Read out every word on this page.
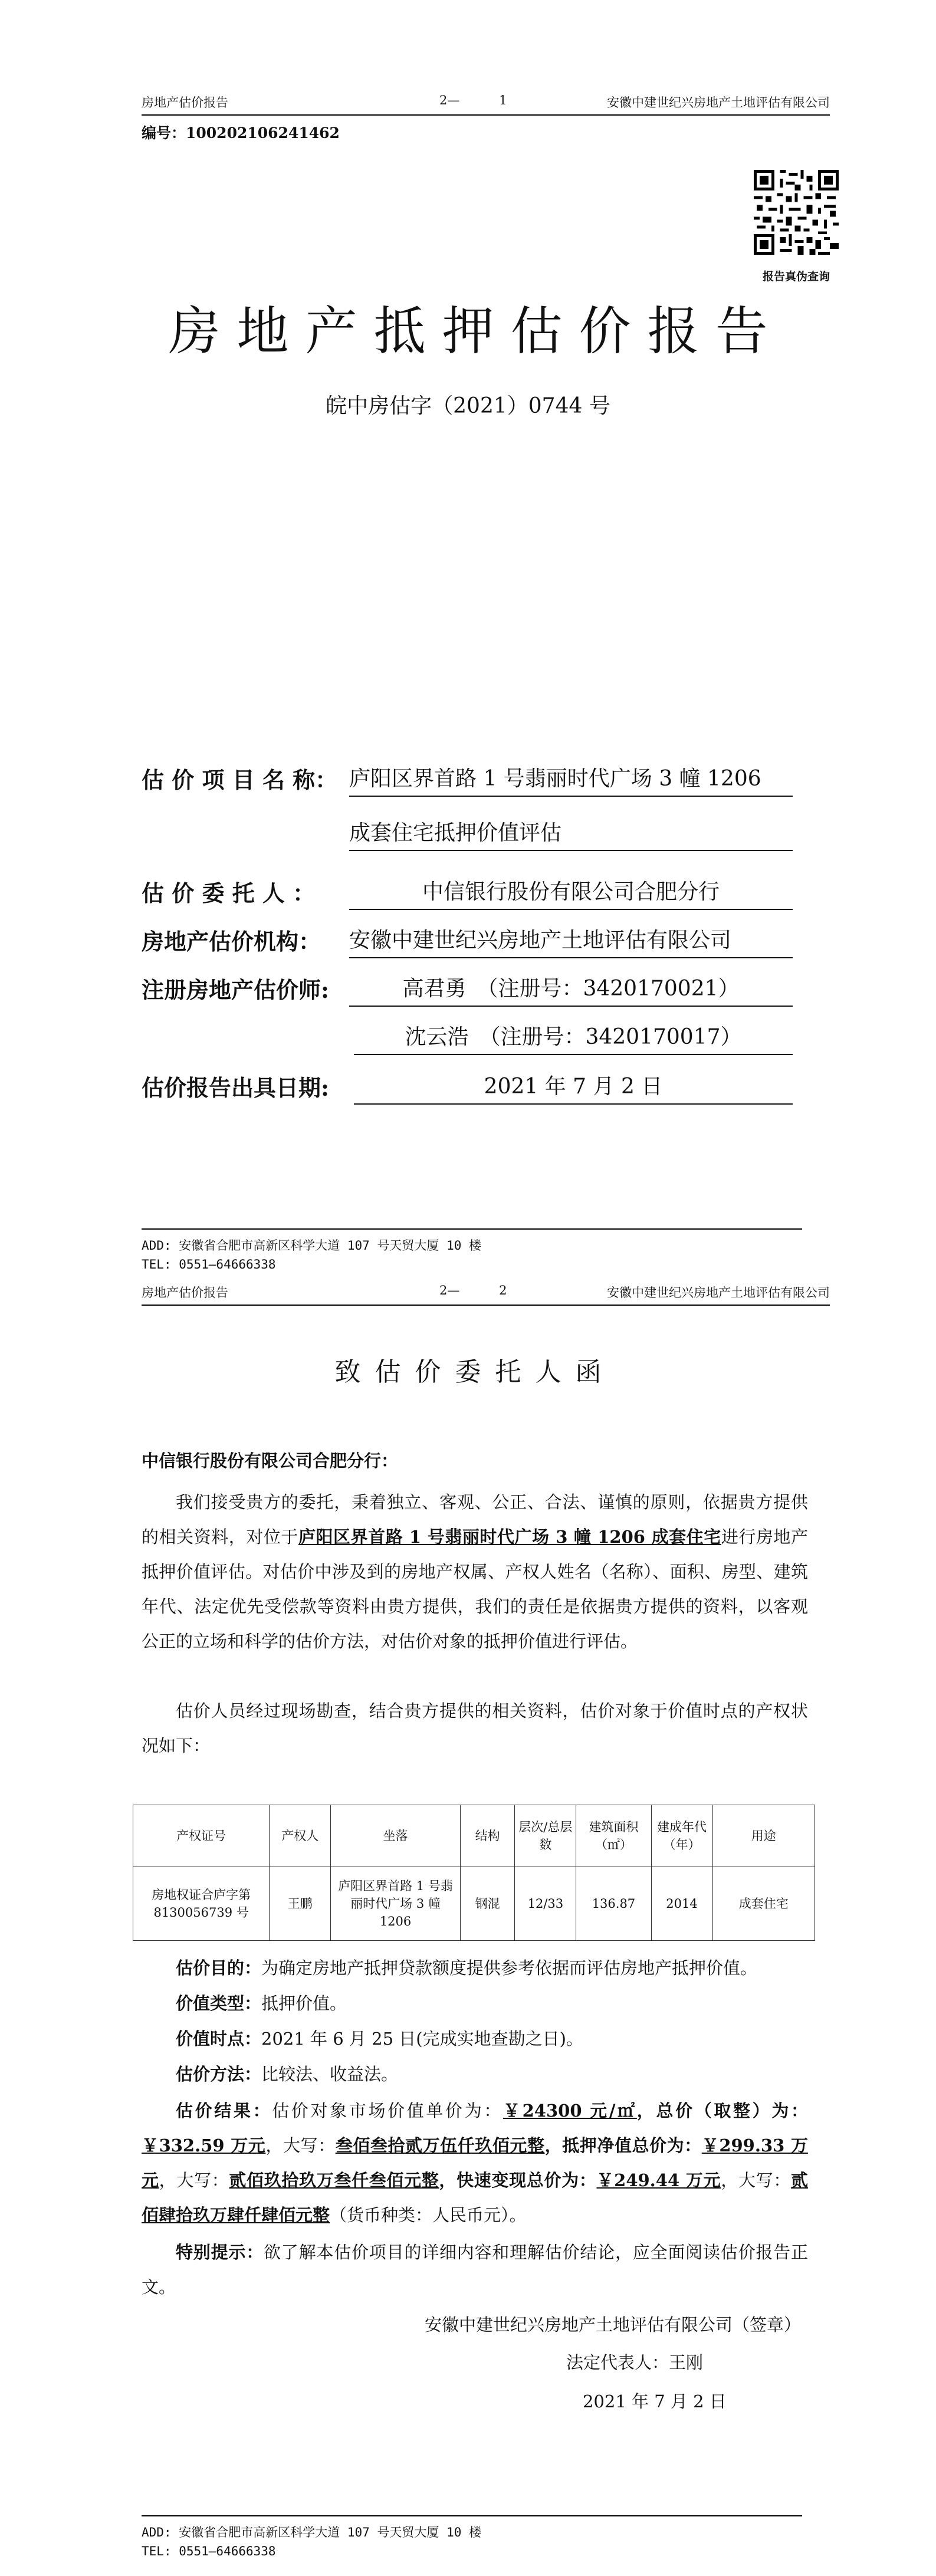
房地产估价报告	2—	1	安徽中建世纪兴房地产土地评估有限公司
编号：100202106241462
报告真伪查询
房地产抵押估价报告
皖中房估字（2021）0744 号
估 价 项 目 名 称： 庐阳区界首路 1 号翡丽时代广场 3 幢 1206
成套住宅抵押价值评估
估 价 委 托 人 ：	中信银行股份有限公司合肥分行
房地产估价机构： 安徽中建世纪兴房地产土地评估有限公司
注册房地产估价师:	高君勇　（注册号：3420170021）
沈云浩　（注册号：3420170017）
估价报告出具日期:	2021 年 7 月 2 日
ADD: 安徽省合肥市高新区科学大道 107 号天贸大厦 10 楼
TEL: 0551—64666338
房地产估价报告	2—	2	安徽中建世纪兴房地产土地评估有限公司
致估价委托人函
中信银行股份有限公司合肥分行：
我们接受贵方的委托，秉着独立、客观、公正、合法、谨慎的原则，依据贵方提供的相关资料，对位于庐阳区界首路 1 号翡丽时代广场 3 幢 1206 成套住宅进行房地产抵押价值评估。对估价中涉及到的房地产权属、产权人姓名（名称）、面积、房型、建筑年代、法定优先受偿款等资料由贵方提供，我们的责任是依据贵方提供的资料，以客观公正的立场和科学的估价方法，对估价对象的抵押价值进行评估。
估价人员经过现场勘查，结合贵方提供的相关资料，估价对象于价值时点的产权状况如下：
产权证号	产权人	坐落	结构	层次/总层数	建筑面积（㎡）	建成年代（年）	用途
房地权证合庐字第 8130056739 号	王鹏	庐阳区界首路 1 号翡丽时代广场 3 幢 1206	钢混	12/33	136.87	2014	成套住宅
估价目的：为确定房地产抵押贷款额度提供参考依据而评估房地产抵押价值。
价值类型：抵押价值。
价值时点：2021 年 6 月 25 日(完成实地查勘之日)。
估价方法：比较法、收益法。
估价结果：估价对象市场价值单价为：￥24300 元/㎡，总价（取整）为：￥332.59 万元，大写：叁佰叁拾贰万伍仟玖佰元整，抵押净值总价为：￥299.33 万元，大写：贰佰玖拾玖万叁仟叁佰元整，快速变现总价为：￥249.44 万元，大写：贰佰肆拾玖万肆仟肆佰元整（货币种类：人民币元）。
特别提示：欲了解本估价项目的详细内容和理解估价结论，应全面阅读估价报告正文。
安徽中建世纪兴房地产土地评估有限公司（签章）
法定代表人：王刚
2021 年 7 月 2 日
ADD: 安徽省合肥市高新区科学大道 107 号天贸大厦 10 楼
TEL: 0551—64666338
